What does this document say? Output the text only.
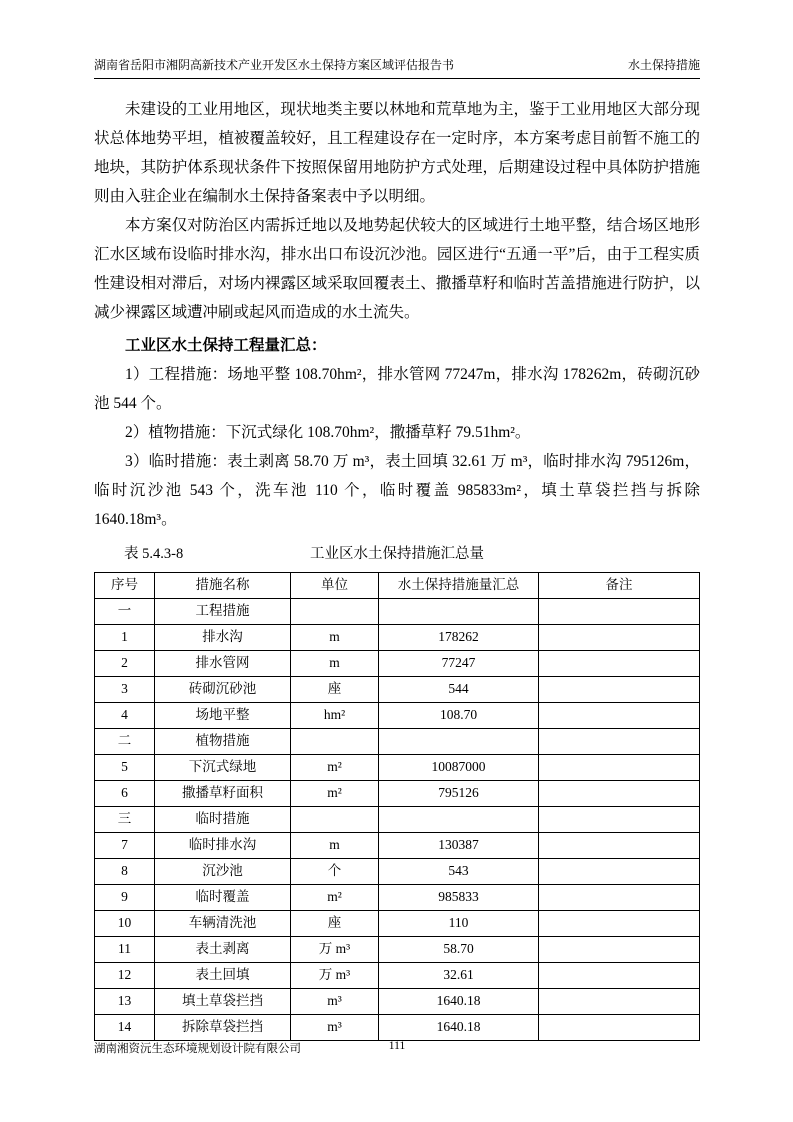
湖南省岳阳市湘阴高新技术产业开发区水土保持方案区域评估报告书	水土保持措施

未建设的工业用地区，现状地类主要以林地和荒草地为主，鉴于工业用地区大部分现状总体地势平坦，植被覆盖较好，且工程建设存在一定时序，本方案考虑目前暂不施工的地块，其防护体系现状条件下按照保留用地防护方式处理，后期建设过程中具体防护措施则由入驻企业在编制水土保持备案表中予以明细。

本方案仅对防治区内需拆迁地以及地势起伏较大的区域进行土地平整，结合场区地形汇水区域布设临时排水沟，排水出口布设沉沙池。园区进行“五通一平”后，由于工程实质性建设相对滞后，对场内裸露区域采取回覆表土、撒播草籽和临时苫盖措施进行防护，以减少裸露区域遭冲刷或起风而造成的水土流失。

工业区水土保持工程量汇总：

1）工程措施：场地平整 108.70hm²，排水管网 77247m，排水沟 178262m，砖砌沉砂池 544 个。

2）植物措施：下沉式绿化 108.70hm²，撒播草籽 79.51hm²。

3）临时措施：表土剥离 58.70 万 m³，表土回填 32.61 万 m³，临时排水沟 795126m，临时沉沙池 543 个，洗车池 110 个，临时覆盖 985833m²，填土草袋拦挡与拆除 1640.18m³。

表 5.4.3-8	工业区水土保持措施汇总量
序号	措施名称	单位	水土保持措施量汇总	备注
一	工程措施			
1	排水沟	m	178262	
2	排水管网	m	77247	
3	砖砌沉砂池	座	544	
4	场地平整	hm²	108.70	
二	植物措施			
5	下沉式绿地	m²	10087000	
6	撒播草籽面积	m²	795126	
三	临时措施			
7	临时排水沟	m	130387	
8	沉沙池	个	543	
9	临时覆盖	m²	985833	
10	车辆清洗池	座	110	
11	表土剥离	万 m³	58.70	
12	表土回填	万 m³	32.61	
13	填土草袋拦挡	m³	1640.18	
14	拆除草袋拦挡	m³	1640.18	
111
湖南湘资沅生态环境规划设计院有限公司
